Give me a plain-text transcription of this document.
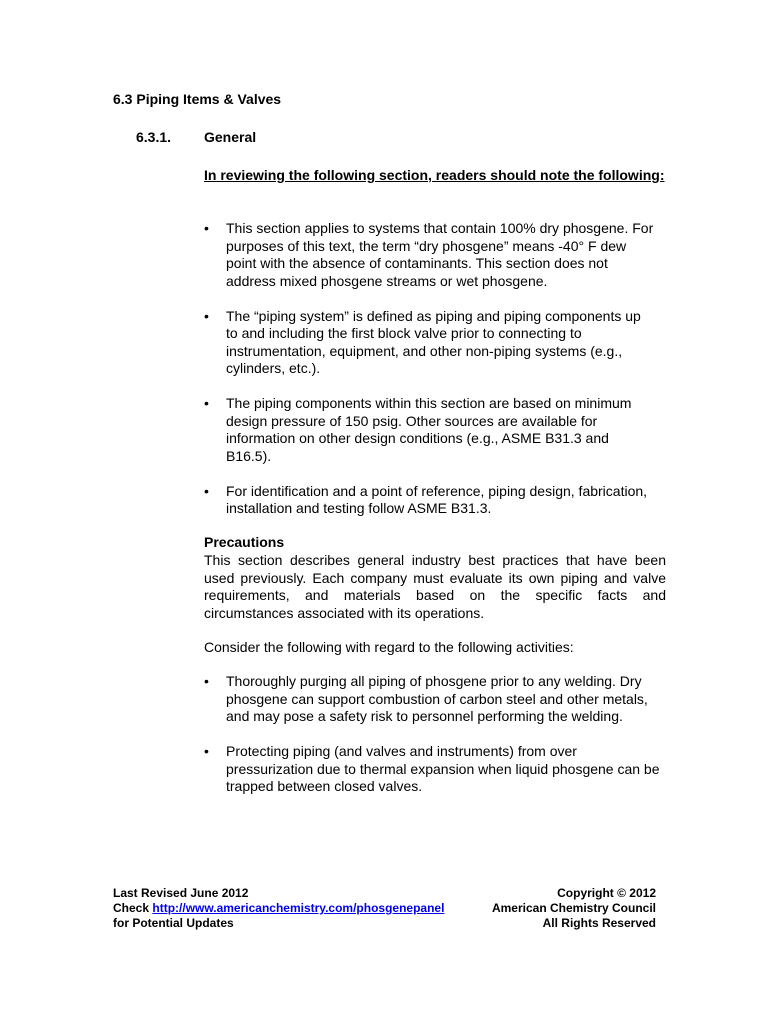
6.3 Piping Items & Valves
6.3.1. General
In reviewing the following section, readers should note the following:
• This section applies to systems that contain 100% dry phosgene. For purposes of this text, the term “dry phosgene” means -40° F dew point with the absence of contaminants. This section does not address mixed phosgene streams or wet phosgene.
• The “piping system” is defined as piping and piping components up to and including the first block valve prior to connecting to instrumentation, equipment, and other non-piping systems (e.g., cylinders, etc.).
• The piping components within this section are based on minimum design pressure of 150 psig. Other sources are available for information on other design conditions (e.g., ASME B31.3 and B16.5).
• For identification and a point of reference, piping design, fabrication, installation and testing follow ASME B31.3.
Precautions
This section describes general industry best practices that have been used previously. Each company must evaluate its own piping and valve requirements, and materials based on the specific facts and circumstances associated with its operations.
Consider the following with regard to the following activities:
• Thoroughly purging all piping of phosgene prior to any welding. Dry phosgene can support combustion of carbon steel and other metals, and may pose a safety risk to personnel performing the welding.
• Protecting piping (and valves and instruments) from over pressurization due to thermal expansion when liquid phosgene can be trapped between closed valves.
Last Revised June 2012
Check http://www.americanchemistry.com/phosgenepanel
for Potential Updates
Copyright © 2012
American Chemistry Council
All Rights Reserved
